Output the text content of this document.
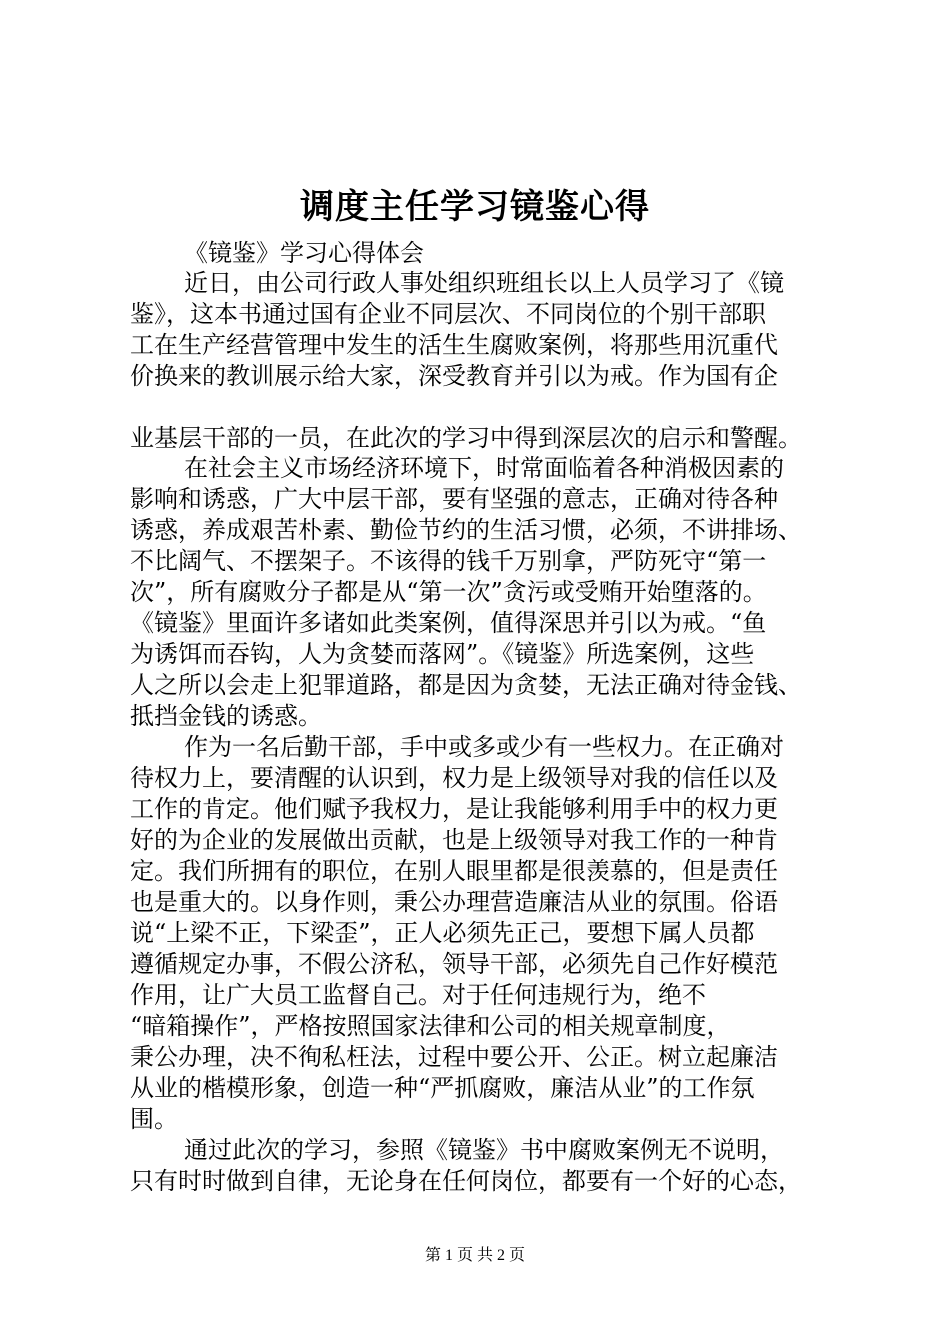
调度主任学习镜鉴心得
《镜鉴》学习心得体会
近日，由公司行政人事处组织班组长以上人员学习了《镜
鉴》，这本书通过国有企业不同层次、不同岗位的个别干部职
工在生产经营管理中发生的活生生腐败案例，将那些用沉重代
价换来的教训展示给大家，深受教育并引以为戒。作为国有企
业基层干部的一员，在此次的学习中得到深层次的启示和警醒。
在社会主义市场经济环境下，时常面临着各种消极因素的
影响和诱惑，广大中层干部，要有坚强的意志，正确对待各种
诱惑，养成艰苦朴素、勤俭节约的生活习惯，必须，不讲排场、
不比阔气、不摆架子。不该得的钱千万别拿，严防死守“第一
次”，所有腐败分子都是从“第一次”贪污或受贿开始堕落的。
《镜鉴》里面许多诸如此类案例，值得深思并引以为戒。“鱼
为诱饵而吞钩，人为贪婪而落网”。《镜鉴》所选案例，这些
人之所以会走上犯罪道路，都是因为贪婪，无法正确对待金钱、
抵挡金钱的诱惑。
作为一名后勤干部，手中或多或少有一些权力。在正确对
待权力上，要清醒的认识到，权力是上级领导对我的信任以及
工作的肯定。他们赋予我权力，是让我能够利用手中的权力更
好的为企业的发展做出贡献，也是上级领导对我工作的一种肯
定。我们所拥有的职位，在别人眼里都是很羡慕的，但是责任
也是重大的。以身作则，秉公办理营造廉洁从业的氛围。俗语
说“上梁不正，下梁歪”，正人必须先正己，要想下属人员都
遵循规定办事，不假公济私，领导干部，必须先自己作好模范
作用，让广大员工监督自己。对于任何违规行为，绝不
“暗箱操作”，严格按照国家法律和公司的相关规章制度，
秉公办理，决不徇私枉法，过程中要公开、公正。树立起廉洁
从业的楷模形象，创造一种“严抓腐败，廉洁从业”的工作氛
围。
通过此次的学习，参照《镜鉴》书中腐败案例无不说明，
只有时时做到自律，无论身在任何岗位，都要有一个好的心态，
第 1 页 共 2 页
